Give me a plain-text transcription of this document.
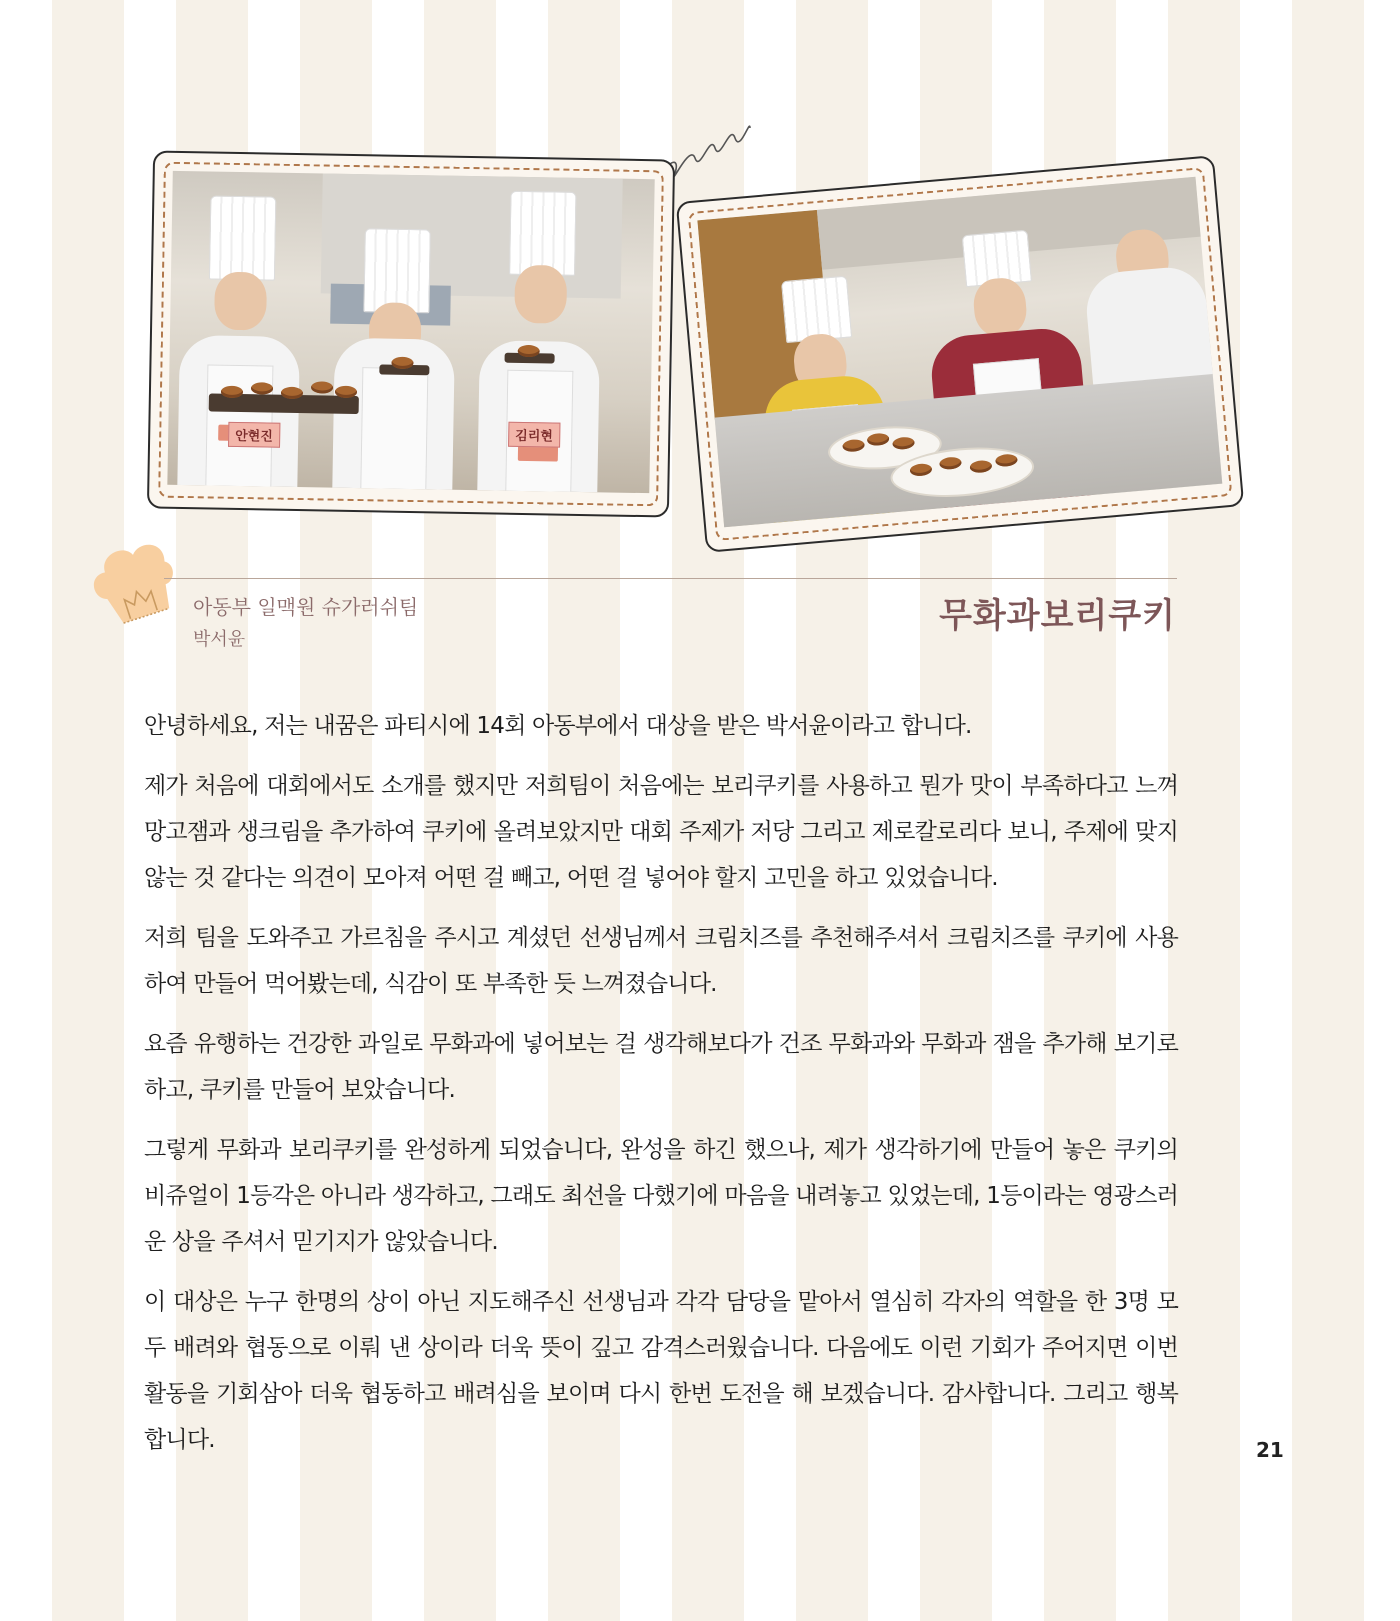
안현진	김리현
아동부 일맥원 슈가러쉬팀
박서윤
무화과보리쿠키

안녕하세요, 저는 내꿈은 파티시에 14회 아동부에서 대상을 받은 박서윤이라고 합니다.

제가 처음에 대회에서도 소개를 했지만 저희팀이 처음에는 보리쿠키를 사용하고 뭔가 맛이 부족하다고 느껴 망고잼과 생크림을 추가하여 쿠키에 올려보았지만 대회 주제가 저당 그리고 제로칼로리다 보니, 주제에 맞지 않는 것 같다는 의견이 모아져 어떤 걸 빼고, 어떤 걸 넣어야 할지 고민을 하고 있었습니다.

저희 팀을 도와주고 가르침을 주시고 계셨던 선생님께서 크림치즈를 추천해주셔서 크림치즈를 쿠키에 사용하여 만들어 먹어봤는데, 식감이 또 부족한 듯 느껴졌습니다.

요즘 유행하는 건강한 과일로 무화과에 넣어보는 걸 생각해보다가 건조 무화과와 무화과 잼을 추가해 보기로 하고, 쿠키를 만들어 보았습니다.

그렇게 무화과 보리쿠키를 완성하게 되었습니다, 완성을 하긴 했으나, 제가 생각하기에 만들어 놓은 쿠키의 비쥬얼이 1등각은 아니라 생각하고, 그래도 최선을 다했기에 마음을 내려놓고 있었는데, 1등이라는 영광스러운 상을 주셔서 믿기지가 않았습니다.

이 대상은 누구 한명의 상이 아닌 지도해주신 선생님과 각각 담당을 맡아서 열심히 각자의 역할을 한 3명 모두 배려와 협동으로 이뤄 낸 상이라 더욱 뜻이 깊고 감격스러웠습니다. 다음에도 이런 기회가 주어지면 이번 활동을 기회삼아 더욱 협동하고 배려심을 보이며 다시 한번 도전을 해 보겠습니다. 감사합니다. 그리고 행복합니다.	21
